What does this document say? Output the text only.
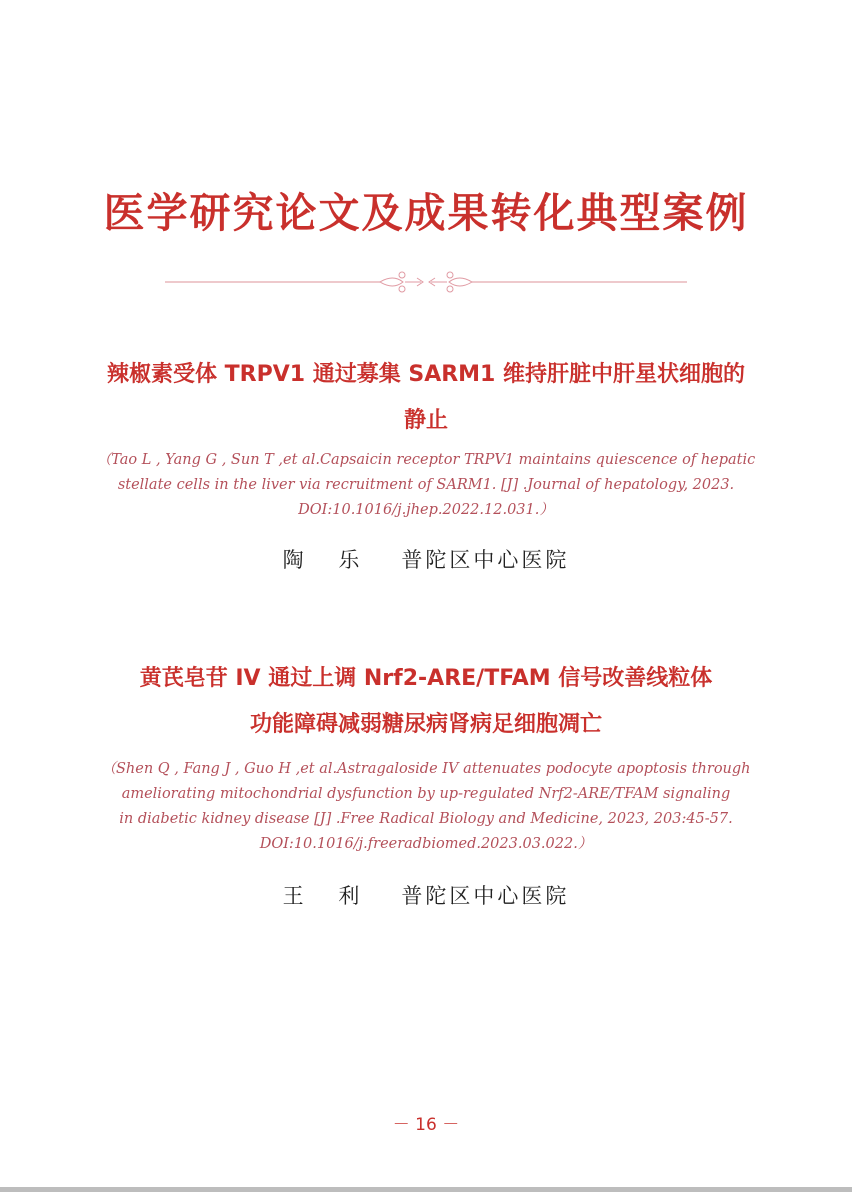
医学研究论文及成果转化典型案例
辣椒素受体 TRPV1 通过募集 SARM1 维持肝脏中肝星状细胞的
静止
（Tao L , Yang G , Sun T ,et al.Capsaicin receptor TRPV1 maintains quiescence of hepatic
stellate cells in the liver via recruitment of SARM1. [J] .Journal of hepatology, 2023.
DOI:10.1016/j.jhep.2022.12.031.）
陶 乐 普陀区中心医院
黄芪皂苷 IV 通过上调 Nrf2-ARE/TFAM 信号改善线粒体
功能障碍减弱糖尿病肾病足细胞凋亡
（Shen Q , Fang J , Guo H ,et al.Astragaloside IV attenuates podocyte apoptosis through
ameliorating mitochondrial dysfunction by up-regulated Nrf2-ARE/TFAM signaling
in diabetic kidney disease [J] .Free Radical Biology and Medicine, 2023, 203:45-57.
DOI:10.1016/j.freeradbiomed.2023.03.022.）
王 利 普陀区中心医院
－ 16 －
